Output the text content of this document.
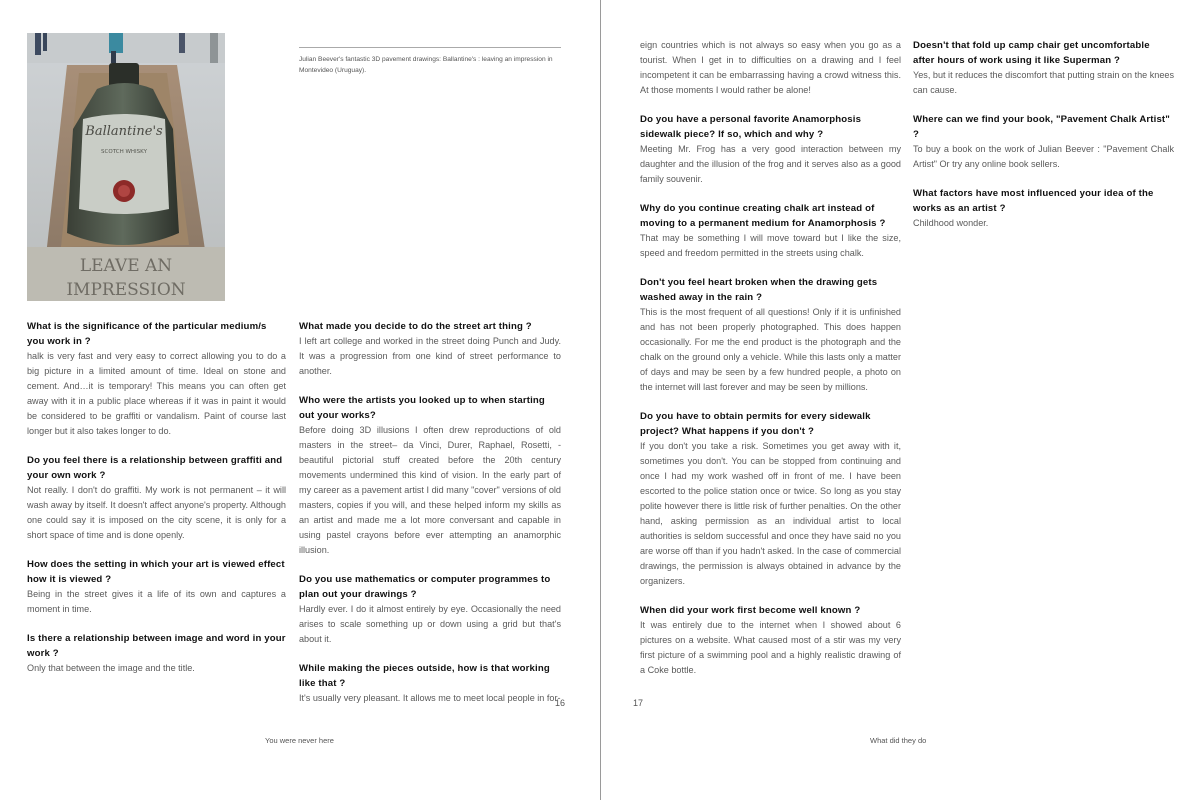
Ballantine's
SCOTCH WHISKY
LEAVE AN
IMPRESSION
Julian Beever's fantastic 3D pavement drawings: Ballantine's : leaving an impression in Montevideo (Uruguay).

What is the significance of the particular medium/s you work in ?

halk is very fast and very easy to correct allowing you to do a big picture in a limited amount of time. Ideal on stone and cement. And…it is temporary! This means you can often get away with it in a public place whereas if it was in paint it would be considered to be graffiti or vandalism. Paint of course last longer but it also takes longer to do.

Do you feel there is a relationship between graffiti and your own work ?

Not really. I don't do graffiti. My work is not permanent – it will wash away by itself. It doesn't affect anyone's property. Although one could say it is imposed on the city scene, it is only for a short space of time and is done openly.

How does the setting in which your art is viewed effect how it is viewed ?

Being in the street gives it a life of its own and captures a moment in time.

Is there a relationship between image and word in your work ?

Only that between the image and the title.

What made you decide to do the street art thing ?

I left art college and worked in the street doing Punch and Judy. It was a progression from one kind of street performance to another.

Who were the artists you looked up to when starting out your works?

Before doing 3D illusions I often drew reproductions of old masters in the street– da Vinci, Durer, Raphael, Rosetti, - beautiful pictorial stuff created before the 20th century movements undermined this kind of vision. In the early part of my career as a pavement artist I did many "cover" versions of old masters, copies if you will, and these helped inform my skills as an artist and made me a lot more conversant and capable in using pastel crayons before ever attempting an anamorphic illusion.

Do you use mathematics or computer programmes to plan out your drawings ?

Hardly ever. I do it almost entirely by eye. Occasionally the need arises to scale something up or down using a grid but that's about it.

While making the pieces outside, how is that working like that ?

It's usually very pleasant. It allows me to meet local people in for-

16
You were never here

eign countries which is not always so easy when you go as a tourist. When I get in to difficulties on a drawing and I feel incompetent it can be embarrassing having a crowd witness this. At those moments I would rather be alone!

Do you have a personal favorite Anamorphosis sidewalk piece? If so, which and why ?

Meeting Mr. Frog has a very good interaction between my daughter and the illusion of the frog and it serves also as a good family souvenir.

Why do you continue creating chalk art instead of moving to a permanent medium for Anamorphosis ?

That may be something I will move toward but I like the size, speed and freedom permitted in the streets using chalk.

Don't you feel heart broken when the drawing gets washed away in the rain ?

This is the most frequent of all questions! Only if it is unfinished and has not been properly photographed. This does happen occasionally. For me the end product is the photograph and the chalk on the ground only a vehicle. While this lasts only a matter of days and may be seen by a few hundred people, a photo on the internet will last forever and may be seen by millions.

Do you have to obtain permits for every sidewalk project? What happens if you don't ?

If you don't you take a risk. Sometimes you get away with it, sometimes you don't. You can be stopped from continuing and once I had my work washed off in front of me. I have been escorted to the police station once or twice. So long as you stay polite however there is little risk of further penalties. On the other hand, asking permission as an individual artist to local authorities is seldom successful and once they have said no you are worse off than if you hadn't asked. In the case of commercial drawings, the permission is always obtained in advance by the organizers.

When did your work first become well known ?

It was entirely due to the internet when I showed about 6 pictures on a website. What caused most of a stir was my very first picture of a swimming pool and a highly realistic drawing of a Coke bottle.

Doesn't that fold up camp chair get uncomfortable after hours of work using it like Superman ?

Yes, but it reduces the discomfort that putting strain on the knees can cause.

Where can we find your book, "Pavement Chalk Artist" ?

To buy a book on the work of Julian Beever : "Pavement Chalk Artist" Or try any online book sellers.

What factors have most influenced your idea of the works as an artist ?

Childhood wonder.

17
What did they do
